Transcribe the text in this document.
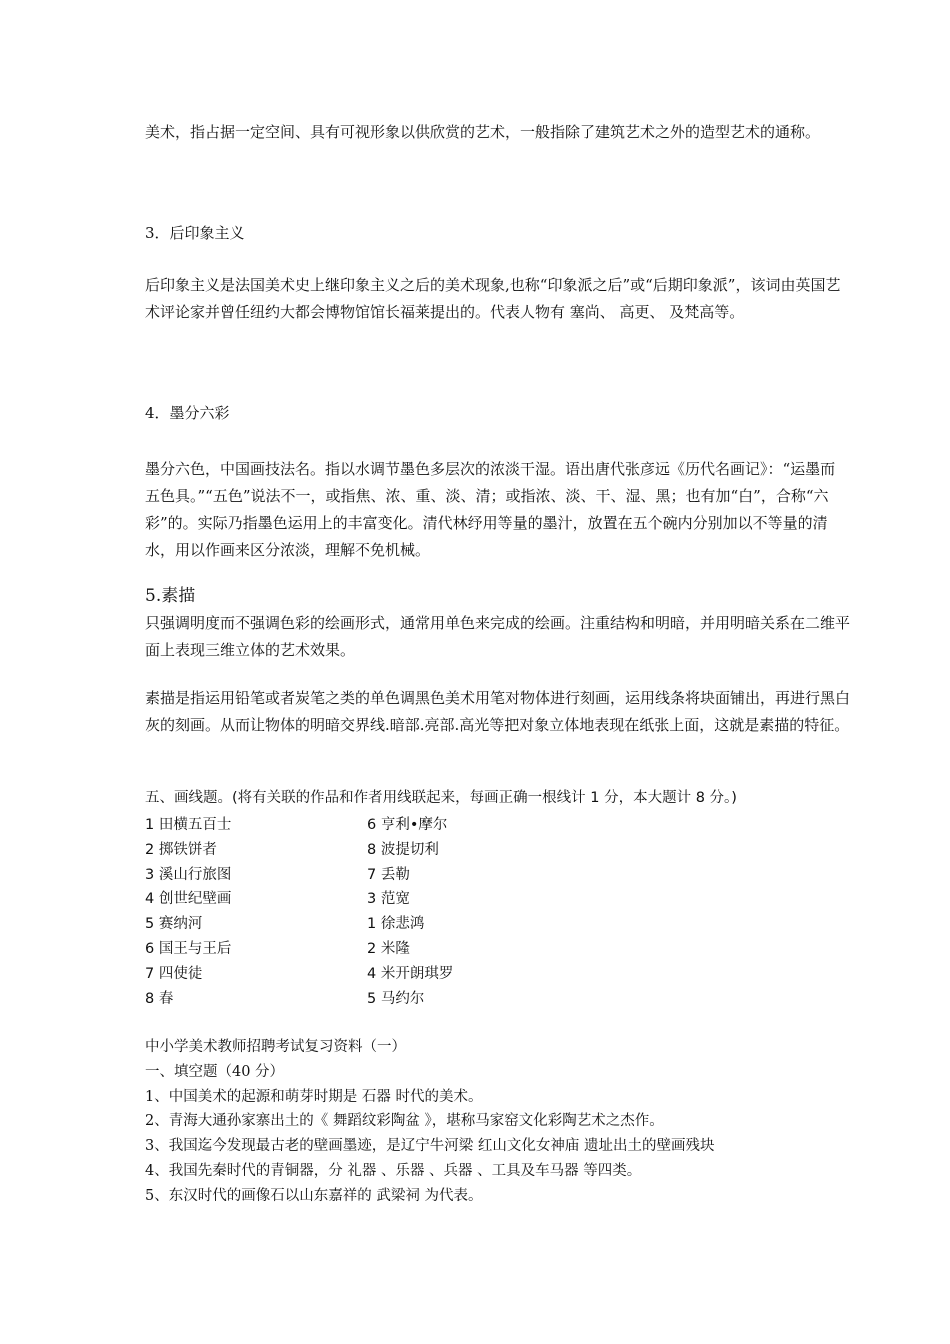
美术，指占据一定空间、具有可视形象以供欣赏的艺术，一般指除了建筑艺术之外的造型艺术的通称。

3．后印象主义

后印象主义是法国美术史上继印象主义之后的美术现象,也称“印象派之后”或“后期印象派”，该词由英国艺术评论家并曾任纽约大都会博物馆馆长福莱提出的。代表人物有 塞尚、 高更、 及梵高等。

4．墨分六彩

墨分六色，中国画技法名。指以水调节墨色多层次的浓淡干湿。语出唐代张彦远《历代名画记》：“运墨而五色具。”“五色”说法不一，或指焦、浓、重、淡、清；或指浓、淡、干、湿、黑；也有加“白”，合称“六彩”的。实际乃指墨色运用上的丰富变化。清代林纾用等量的墨汁，放置在五个碗内分别加以不等量的清水，用以作画来区分浓淡，理解不免机械。

5.素描

只强调明度而不强调色彩的绘画形式，通常用单色来完成的绘画。注重结构和明暗，并用明暗关系在二维平面上表现三维立体的艺术效果。

素描是指运用铅笔或者炭笔之类的单色调黑色美术用笔对物体进行刻画，运用线条将块面铺出，再进行黑白灰的刻画。从而让物体的明暗交界线.暗部.亮部.高光等把对象立体地表现在纸张上面，这就是素描的特征。

五、画线题。(将有关联的作品和作者用线联起来，每画正确一根线计 1 分，本大题计 8 分。)

1 田横五百士	6 亨利•摩尔
2 掷铁饼者	8 波提切利
3 溪山行旅图	7 丢勒
4 创世纪壁画	3 范宽
5 赛纳河	1 徐悲鸿
6 国王与王后	2 米隆
7 四使徒	4 米开朗琪罗
8 春	5 马约尔
中小学美术教师招聘考试复习资料（一）
一、填空题（40 分）
1、中国美术的起源和萌芽时期是 石器 时代的美术。
2、青海大通孙家寨出土的《 舞蹈纹彩陶盆 》，堪称马家窑文化彩陶艺术之杰作。
3、我国迄今发现最古老的壁画墨迹，是辽宁牛河梁 红山文化女神庙 遗址出土的壁画残块
4、我国先秦时代的青铜器，分 礼器 、乐器 、兵器 、工具及车马器 等四类。
5、东汉时代的画像石以山东嘉祥的 武梁祠 为代表。
